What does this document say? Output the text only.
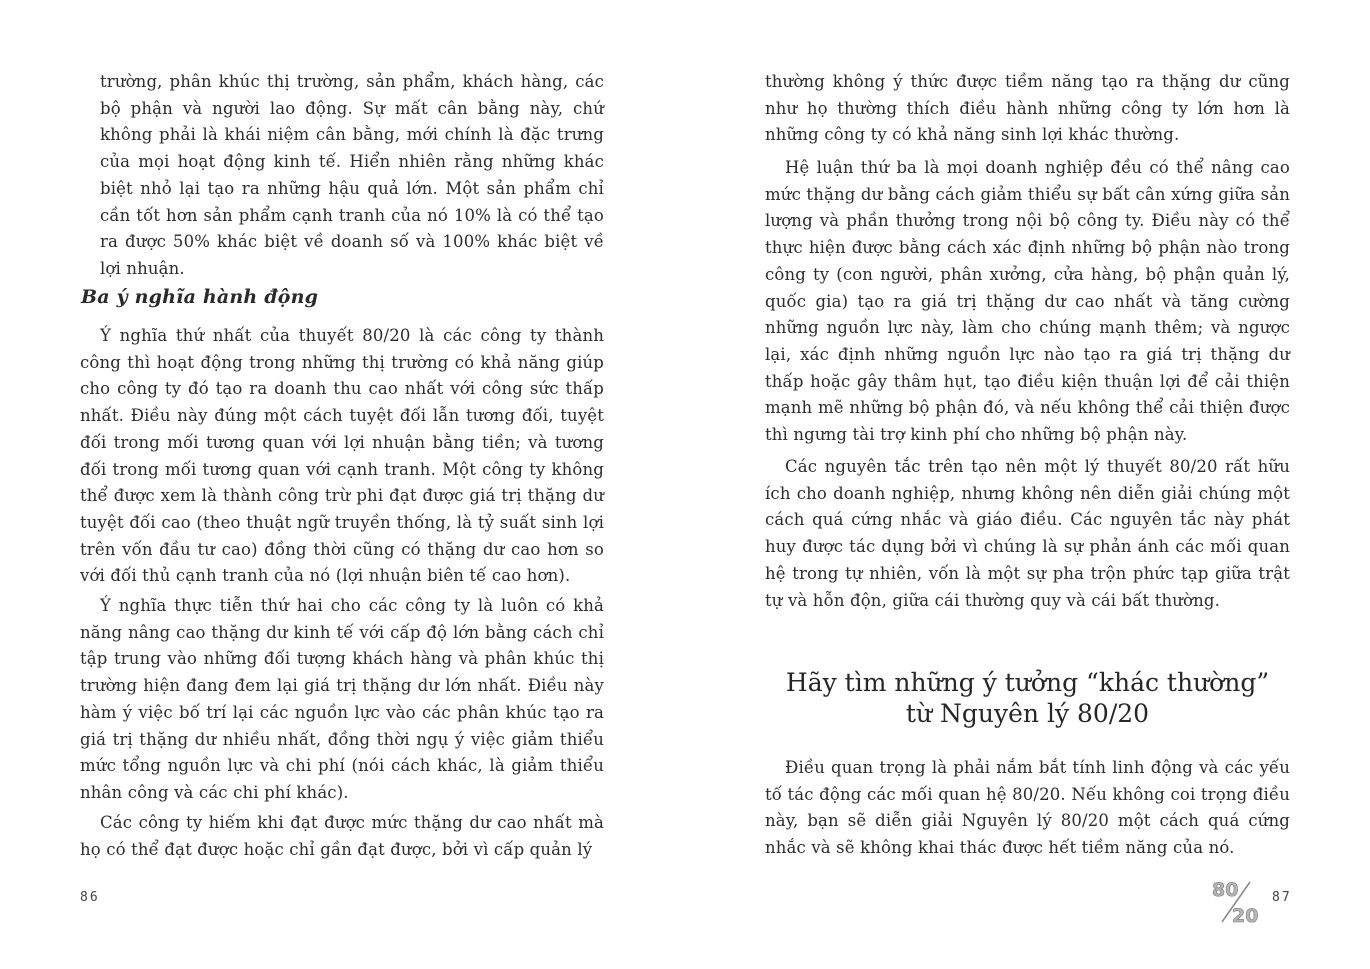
trường, phân khúc thị trường, sản phẩm, khách hàng, các bộ phận và người lao động. Sự mất cân bằng này, chứ không phải là khái niệm cân bằng, mới chính là đặc trưng của mọi hoạt động kinh tế. Hiển nhiên rằng những khác biệt nhỏ lại tạo ra những hậu quả lớn. Một sản phẩm chỉ cần tốt hơn sản phẩm cạnh tranh của nó 10% là có thể tạo ra được 50% khác biệt về doanh số và 100% khác biệt về lợi nhuận.

Ba ý nghĩa hành động

Ý nghĩa thứ nhất của thuyết 80/20 là các công ty thành công thì hoạt động trong những thị trường có khả năng giúp cho công ty đó tạo ra doanh thu cao nhất với công sức thấp nhất. Điều này đúng một cách tuyệt đối lẫn tương đối, tuyệt đối trong mối tương quan với lợi nhuận bằng tiền; và tương đối trong mối tương quan với cạnh tranh. Một công ty không thể được xem là thành công trừ phi đạt được giá trị thặng dư tuyệt đối cao (theo thuật ngữ truyền thống, là tỷ suất sinh lợi trên vốn đầu tư cao) đồng thời cũng có thặng dư cao hơn so với đối thủ cạnh tranh của nó (lợi nhuận biên tế cao hơn).

Ý nghĩa thực tiễn thứ hai cho các công ty là luôn có khả năng nâng cao thặng dư kinh tế với cấp độ lớn bằng cách chỉ tập trung vào những đối tượng khách hàng và phân khúc thị trường hiện đang đem lại giá trị thặng dư lớn nhất. Điều này hàm ý việc bố trí lại các nguồn lực vào các phân khúc tạo ra giá trị thặng dư nhiều nhất, đồng thời ngụ ý việc giảm thiểu mức tổng nguồn lực và chi phí (nói cách khác, là giảm thiểu nhân công và các chi phí khác).

Các công ty hiếm khi đạt được mức thặng dư cao nhất mà họ có thể đạt được hoặc chỉ gần đạt được, bởi vì cấp quản lý

86

thường không ý thức được tiềm năng tạo ra thặng dư cũng như họ thường thích điều hành những công ty lớn hơn là những công ty có khả năng sinh lợi khác thường.

Hệ luận thứ ba là mọi doanh nghiệp đều có thể nâng cao mức thặng dư bằng cách giảm thiểu sự bất cân xứng giữa sản lượng và phần thưởng trong nội bộ công ty. Điều này có thể thực hiện được bằng cách xác định những bộ phận nào trong công ty (con người, phân xưởng, cửa hàng, bộ phận quản lý, quốc gia) tạo ra giá trị thặng dư cao nhất và tăng cường những nguồn lực này, làm cho chúng mạnh thêm; và ngược lại, xác định những nguồn lực nào tạo ra giá trị thặng dư thấp hoặc gây thâm hụt, tạo điều kiện thuận lợi để cải thiện mạnh mẽ những bộ phận đó, và nếu không thể cải thiện được thì ngưng tài trợ kinh phí cho những bộ phận này.

Các nguyên tắc trên tạo nên một lý thuyết 80/20 rất hữu ích cho doanh nghiệp, nhưng không nên diễn giải chúng một cách quá cứng nhắc và giáo điều. Các nguyên tắc này phát huy được tác dụng bởi vì chúng là sự phản ánh các mối quan hệ trong tự nhiên, vốn là một sự pha trộn phức tạp giữa trật tự và hỗn độn, giữa cái thường quy và cái bất thường.

Hãy tìm những ý tưởng “khác thường”
từ Nguyên lý 80/20

Điều quan trọng là phải nắm bắt tính linh động và các yếu tố tác động các mối quan hệ 80/20. Nếu không coi trọng điều này, bạn sẽ diễn giải Nguyên lý 80/20 một cách quá cứng nhắc và sẽ không khai thác được hết tiềm năng của nó.

80
20
87
